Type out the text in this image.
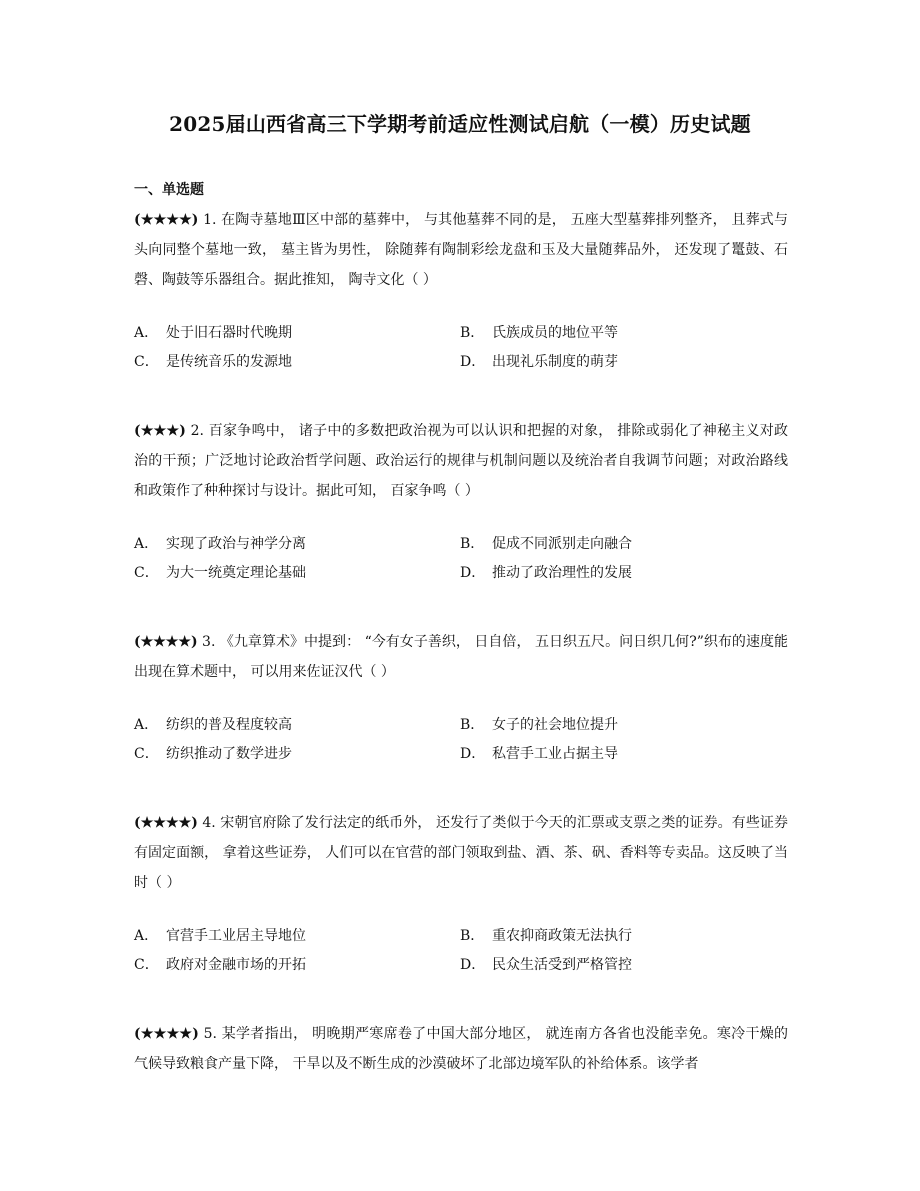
2025届山西省高三下学期考前适应性测试启航（一模）历史试题
一、单选题
(★★★★) 1. 在陶寺墓地Ⅲ区中部的墓葬中， 与其他墓葬不同的是， 五座大型墓葬排列整齐， 且葬式与头向同整个墓地一致， 墓主皆为男性， 除随葬有陶制彩绘龙盘和玉及大量随葬品外， 还发现了鼍鼓、石磬、陶鼓等乐器组合。据此推知， 陶寺文化（ ）
A． 处于旧石器时代晚期	B． 氏族成员的地位平等
C． 是传统音乐的发源地	D． 出现礼乐制度的萌芽
(★★★) 2. 百家争鸣中， 诸子中的多数把政治视为可以认识和把握的对象， 排除或弱化了神秘主义对政治的干预；广泛地讨论政治哲学问题、政治运行的规律与机制问题以及统治者自我调节问题；对政治路线和政策作了种种探讨与设计。据此可知， 百家争鸣（ ）
A． 实现了政治与神学分离	B． 促成不同派别走向融合
C． 为大一统奠定理论基础	D． 推动了政治理性的发展
(★★★★) 3. 《九章算术》中提到： “今有女子善织， 日自倍， 五日织五尺。问日织几何?”织布的速度能出现在算术题中， 可以用来佐证汉代（ ）
A． 纺织的普及程度较高	B． 女子的社会地位提升
C． 纺织推动了数学进步	D． 私营手工业占据主导
(★★★★) 4. 宋朝官府除了发行法定的纸币外， 还发行了类似于今天的汇票或支票之类的证券。有些证券有固定面额， 拿着这些证券， 人们可以在官营的部门领取到盐、酒、茶、矾、香料等专卖品。这反映了当时（ ）
A． 官营手工业居主导地位	B． 重农抑商政策无法执行
C． 政府对金融市场的开拓	D． 民众生活受到严格管控
(★★★★) 5. 某学者指出， 明晚期严寒席卷了中国大部分地区， 就连南方各省也没能幸免。寒冷干燥的气候导致粮食产量下降， 干旱以及不断生成的沙漠破坏了北部边境军队的补给体系。该学者
